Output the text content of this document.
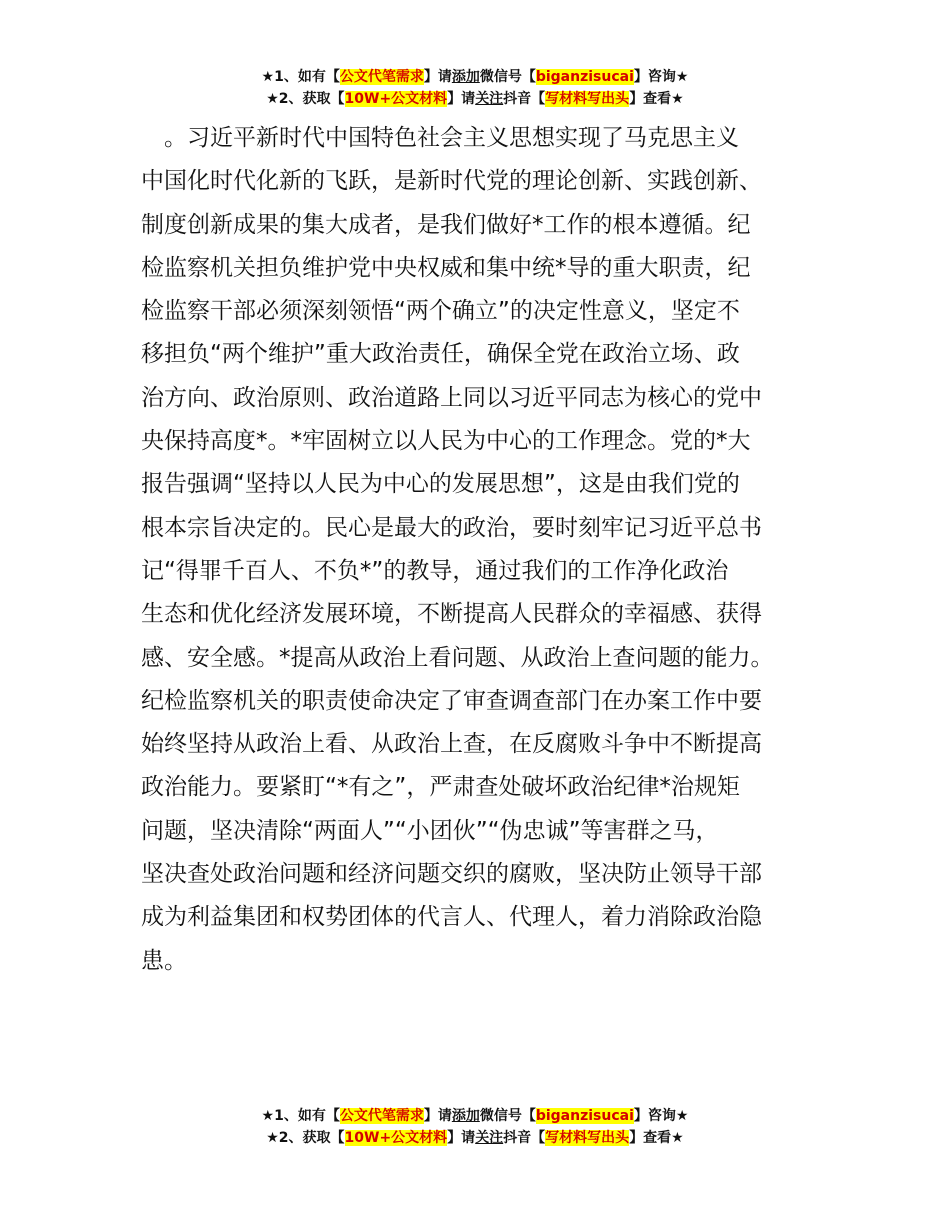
★1、如有【公文代笔需求】请添加微信号【biganzisucai】咨询★
★2、获取【10W+公文材料】请关注抖音【写材料写出头】查看★
　。习近平新时代中国特色社会主义思想实现了马克思主义
中国化时代化新的飞跃，是新时代党的理论创新、实践创新、
制度创新成果的集大成者，是我们做好*工作的根本遵循。纪
检监察机关担负维护党中央权威和集中统*导的重大职责，纪
检监察干部必须深刻领悟“两个确立”的决定性意义，坚定不
移担负“两个维护”重大政治责任，确保全党在政治立场、政
治方向、政治原则、政治道路上同以习近平同志为核心的党中
央保持高度*。*牢固树立以人民为中心的工作理念。党的*大
报告强调“坚持以人民为中心的发展思想”，这是由我们党的
根本宗旨决定的。民心是最大的政治，要时刻牢记习近平总书
记“得罪千百人、不负*”的教导，通过我们的工作净化政治
生态和优化经济发展环境，不断提高人民群众的幸福感、获得
感、安全感。*提高从政治上看问题、从政治上查问题的能力。
纪检监察机关的职责使命决定了审查调查部门在办案工作中要
始终坚持从政治上看、从政治上查，在反腐败斗争中不断提高
政治能力。要紧盯“*有之”，严肃查处破坏政治纪律*治规矩
问题，坚决清除“两面人”“小团伙”“伪忠诚”等害群之马，
坚决查处政治问题和经济问题交织的腐败，坚决防止领导干部
成为利益集团和权势团体的代言人、代理人，着力消除政治隐
患。
★1、如有【公文代笔需求】请添加微信号【biganzisucai】咨询★
★2、获取【10W+公文材料】请关注抖音【写材料写出头】查看★
